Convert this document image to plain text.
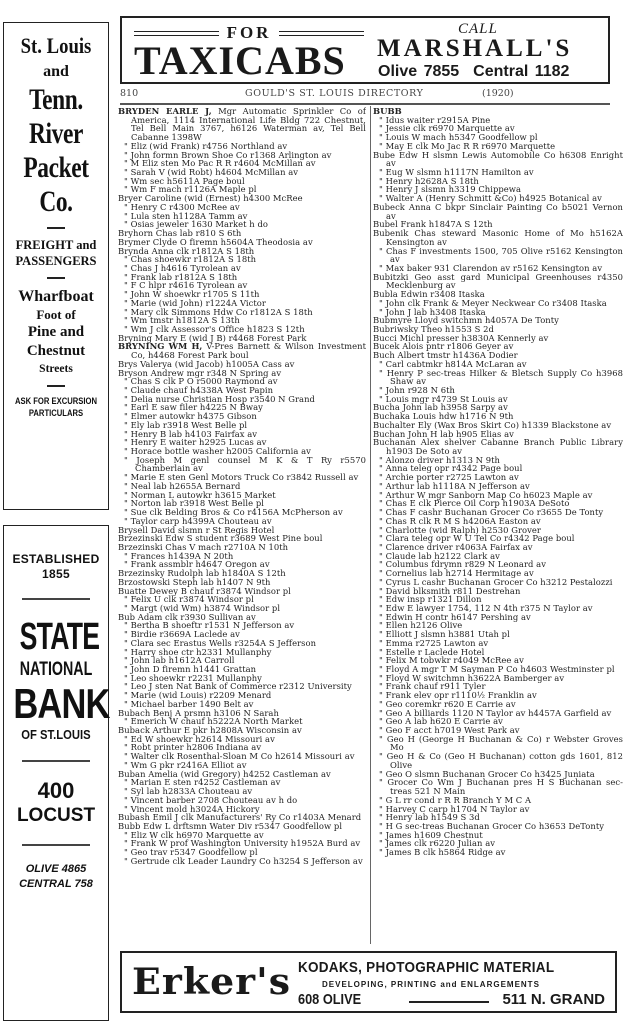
St. Louis
and
Tenn.
River
Packet
Co.
FREIGHT and
PASSENGERS
Wharfboat
Foot of
Pine and
Chestnut
Streets
ASK FOR EXCURSION
PARTICULARS
ESTABLISHED
1855
STATE
NATIONAL
BANK
OF ST.LOUIS
400
LOCUST
OLIVE 4865
CENTRAL 758
FOR
TAXICABS
CALL
MARSHALL'S
Olive 7855 Central 1182
810	GOULD'S ST. LOUIS DIRECTORY	(1920)
BRYDEN EARLE J, Mgr Automatic Sprinkler Co of America, 1114 International Life Bldg 722 Chestnut, Tel Bell Main 3767, h6126 Waterman av, Tel Bell Cabanne 1398W
" Eliz (wid Frank) r4756 Northland av
" John formn Brown Shoe Co r1368 Arlington av
" M Eliz sten Mo Pac R R r4604 McMillan av
" Sarah V (wid Robt) h4604 McMillan av
" Wm sec h5611A Page boul
" Wm F mach r1126A Maple pl
Bryer Caroline (wid (Ernest) h4300 McRee
" Henry C r4300 McRee av
" Lula sten h1128A Tamm av
" Osias jeweler 1630 Market h do
Bryhorn Chas lab r810 S 6th
Brymer Clyde O firemn h5604A Theodosia av
Brynda Anna clk r1812A S 18th
" Chas shoewkr r1812A S 18th
" Chas J h4616 Tyrolean av
" Frank lab r1812A S 18th
" F C hlpr r4616 Tyrolean av
" John W shoewkr r1705 S 11th
" Marie (wid John) r1224A Victor
" Mary clk Simmons Hdw Co r1812A S 18th
" Wm tmstr h1812A S 13th
" Wm J clk Assessor's Office h1823 S 12th
Bryning Mary E (wid J B) r4468 Forest Park
BRYNING WM H, V-Pres Barnett & Wilson Investment Co, h4468 Forest Park boul
Brys Valerya (wid Jacob) h1005A Cass av
Bryson Andrew mgr r348 N Spring av
" Chas S clk P O r5000 Raymond av
" Claude chauf h4338A West Papin
" Delia nurse Christian Hosp r3540 N Grand
" Earl E saw filer h4225 N Bway
" Elmer autowkr h4375 Gibson
" Ely lab r3918 West Belle pl
" Henry B lab h4103 Fairfax av
" Henry E waiter h2925 Lucas av
" Horace bottle washer h2005 California av
" Joseph M genl counsel M K & T Ry r5570 Chamberlain av
" Marie E sten Genl Motors Truck Co r3842 Russell av
" Neal lab h2655A Bernard
" Norman L autowkr h3615 Market
" Norton lab r3918 West Belle pl
" Sue clk Belding Bros & Co r4156A McPherson av
" Taylor carp h4399A Chouteau av
Brysell David slsmn r St Regis Hotel
Brzezinski Edw S student r3689 West Pine boul
Brzezinski Chas V mach r2710A N 10th
" Frances h1439A N 20th
" Frank assmblr h4647 Oregon av
Brzezinsky Rudolph lab h1840A S 12th
Brzostowski Steph lab h1407 N 9th
Buatte Dewey B chauf r3874 Windsor pl
" Felix U clk r3874 Windsor pl
" Margt (wid Wm) h3874 Windsor pl
Bub Adam clk r3930 Sullivan av
" Bertha B shoeftr r1531 N Jefferson av
" Birdie r3669A Laclede av
" Clara sec Erastus Wells r3254A S Jefferson
" Harry shoe ctr h2331 Mullanphy
" John lab h1612A Carroll
" John D firemn h1441 Grattan
" Leo shoewkr r2231 Mullanphy
" Leo J sten Nat Bank of Commerce r2312 University
" Marie (wid Louis) r2209 Menard
" Michael barber 1490 Belt av
Bubach Benj A prsmn h3106 N Sarah
" Emerich W chauf h5222A North Market
Buback Arthur E pkr h2808A Wisconsin av
" Ed W shoewkr h2614 Missouri av
" Robt printer h2806 Indiana av
" Walter clk Rosenthal-Sloan M Co h2614 Missouri av
" Wm G pkr r2416A Elliot av
Buban Amelia (wid Gregory) h4252 Castleman av
" Marian E sten r4252 Castleman av
" Syl lab h2833A Chouteau av
" Vincent barber 2708 Chouteau av h do
" Vincent mold h3024A Hickory
Bubash Emil J clk Manufacturers' Ry Co r1403A Menard
Bubb Edw L drftsmn Water Div r5347 Goodfellow pl
" Eliz W clk h6970 Marquette av
" Frank W prof Washington University h1952A Burd av
" Geo trav r5347 Goodfellow pl
" Gertrude clk Leader Laundry Co h3254 S Jefferson av
BUBB
" Idus waiter r2915A Pine
" Jessie clk r6970 Marquette av
" Louis W mach h5347 Goodfellow pl
" May E clk Mo Jac R R r6970 Marquette
Bube Edw H slsmn Lewis Automobile Co h6308 Enright av
" Eug W slsmn h1117N Hamilton av
" Henry h2628A S 18th
" Henry J slsmn h3319 Chippewa
" Walter A (Henry Schmitt &Co) h4925 Botanical av
Bubeck Anna C bkpr Sinclair Painting Co b5021 Vernon av
Bubel Frank h1847A S 12th
Bubenik Chas steward Masonic Home of Mo h5162A Kensington av
" Chas F investments 1500, 705 Olive r5162 Kensington av
" Max baker 931 Clarendon av r5162 Kensington av
Bubitzki Geo asst gard Municipal Greenhouses r4350 Mecklenburg av
Bubla Edwin r3408 Itaska
" John clk Frank & Meyer Neckwear Co r3408 Itaska
" John J lab h3408 Itaska
Bubmyre Lloyd switchmn h4057A De Tonty
Bubriwsky Theo h1553 S 2d
Bucci Michl presser h3830A Kennerly av
Bucek Alois pntr r1806 Geyer av
Buch Albert tmstr h1436A Dodier
" Carl cabtmkr h814A McLaran av
" Henry P sec-treas Hilker & Bletsch Supply Co h3968 Shaw av
" John r928 N 6th
" Louis mgr r4739 St Louis av
Bucha John lab h3958 Sarpy av
Buchaka Louis hdw h1716 N 9th
Buchalter Ely (Wax Bros Skirt Co) h1339 Blackstone av
Buchan John H lab h905 Elias av
Buchanan Alex shelver Cabanne Branch Public Library h1903 De Soto av
" Alonzo driver h1313 N 9th
" Anna teleg opr r4342 Page boul
" Archie porter r2725 Lawton av
" Arthur lab h1118A N Jefferson av
" Arthur W mgr Sanborn Map Co h6023 Maple av
" Chas E clk Pierce Oil Corp h1903A DeSoto
" Chas F cashr Buchanan Grocer Co r3655 De Tonty
" Chas R clk R M S h4206A Easton av
" Charlotte (wid Ralph) h2530 Grover
" Clara teleg opr W U Tel Co r4342 Page boul
" Clarence driver r4063A Fairfax av
" Claude lab h2122 Clark av
" Columbus fdrymn r829 N Leonard av
" Cornelius lab h2714 Hermitage av
" Cyrus L cashr Buchanan Grocer Co h3212 Pestalozzi
" David blksmith r811 Destrehan
" Edw insp r1321 Dillon
" Edw E lawyer 1754, 112 N 4th r375 N Taylor av
" Edwin H contr h6147 Pershing av
" Ellen h2126 Olive
" Elliott J slsmn h3881 Utah pl
" Emma r2725 Lawton av
" Estelle r Laclede Hotel
" Felix M tobwkr r4049 McRee av
" Floyd A mgr T M Sayman P Co h4603 Westminster pl
" Floyd W switchmn h3622A Bamberger av
" Frank chauf r911 Tyler
" Frank elev opr r1110½ Franklin av
" Geo coremkr r620 E Carrie av
" Geo A billiards 1120 N Taylor av h4457A Garfield av
" Geo A lab h620 E Carrie av
" Geo F acct h7019 West Park av
" Geo H (George H Buchanan & Co) r Webster Groves Mo
" Geo H & Co (Geo H Buchanan) cotton gds 1601, 812 Olive
" Geo O slsmn Buchanan Grocer Co h3425 Juniata
" Grocer Co Wm J Buchanan pres H S Buchanan sec-treas 521 N Main
" G L rr cond r R R Branch Y M C A
" Harvey C carp h1704 N Taylor av
" Henry lab h1549 S 3d
" H G sec-treas Buchanan Grocer Co h3653 DeTonty
" James h1609 Chestnut
" James clk r6220 Julian av
" James B clk h5864 Ridge av
Erker's KODAKS, PHOTOGRAPHIC MATERIAL
DEVELOPING, PRINTING and ENLARGEMENTS
608 OLIVE	511 N. GRAND
